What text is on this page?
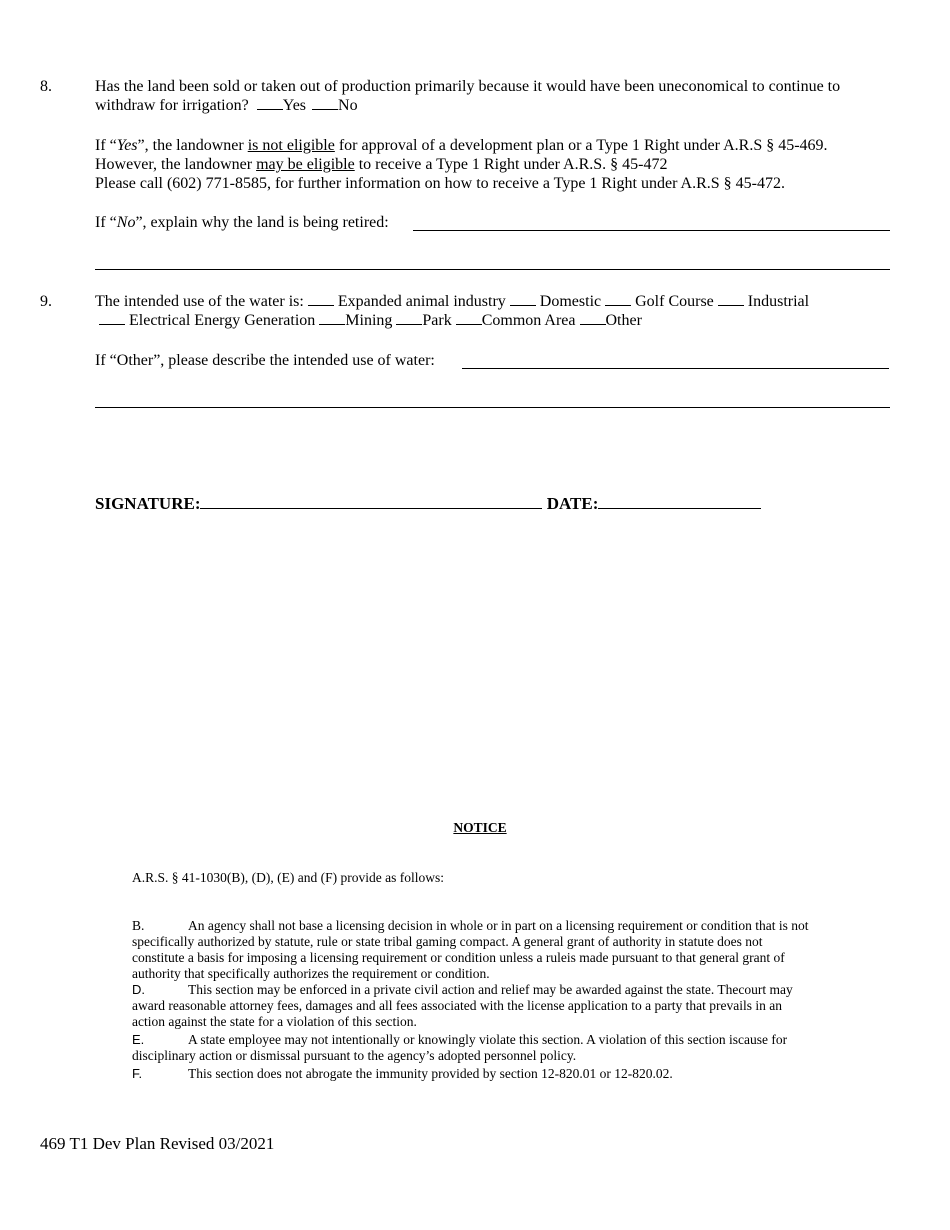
8.	Has the land been sold or taken out of production primarily because it would have been uneconomical to continue to
withdraw for irrigation? Yes No
If “Yes”, the landowner is not eligible for approval of a development plan or a Type 1 Right under A.R.S § 45-469.
However, the landowner may be eligible to receive a Type 1 Right under A.R.S. § 45-472
Please call (602) 771-8585, for further information on how to receive a Type 1 Right under A.R.S § 45-472.
If “No”, explain why the land is being retired:
9.	The intended use of the water is: Expanded animal industry Domestic Golf Course Industrial
Electrical Energy Generation Mining Park Common Area Other
If “Other”, please describe the intended use of water:
SIGNATURE:	DATE:
NOTICE
A.R.S. § 41-1030(B), (D), (E) and (F) provide as follows:
B.	An agency shall not base a licensing decision in whole or in part on a licensing requirement or condition that is not specifically authorized by statute, rule or state tribal gaming compact. A general grant of authority in statute does not constitute a basis for imposing a licensing requirement or condition unless a ruleis made pursuant to that general grant of authority that specifically authorizes the requirement or condition.
D.	This section may be enforced in a private civil action and relief may be awarded against the state. Thecourt may award reasonable attorney fees, damages and all fees associated with the license application to a party that prevails in an action against the state for a violation of this section.
E.	A state employee may not intentionally or knowingly violate this section. A violation of this section iscause for disciplinary action or dismissal pursuant to the agency’s adopted personnel policy.
F.	This section does not abrogate the immunity provided by section 12-820.01 or 12-820.02.
469 T1 Dev Plan Revised 03/2021
